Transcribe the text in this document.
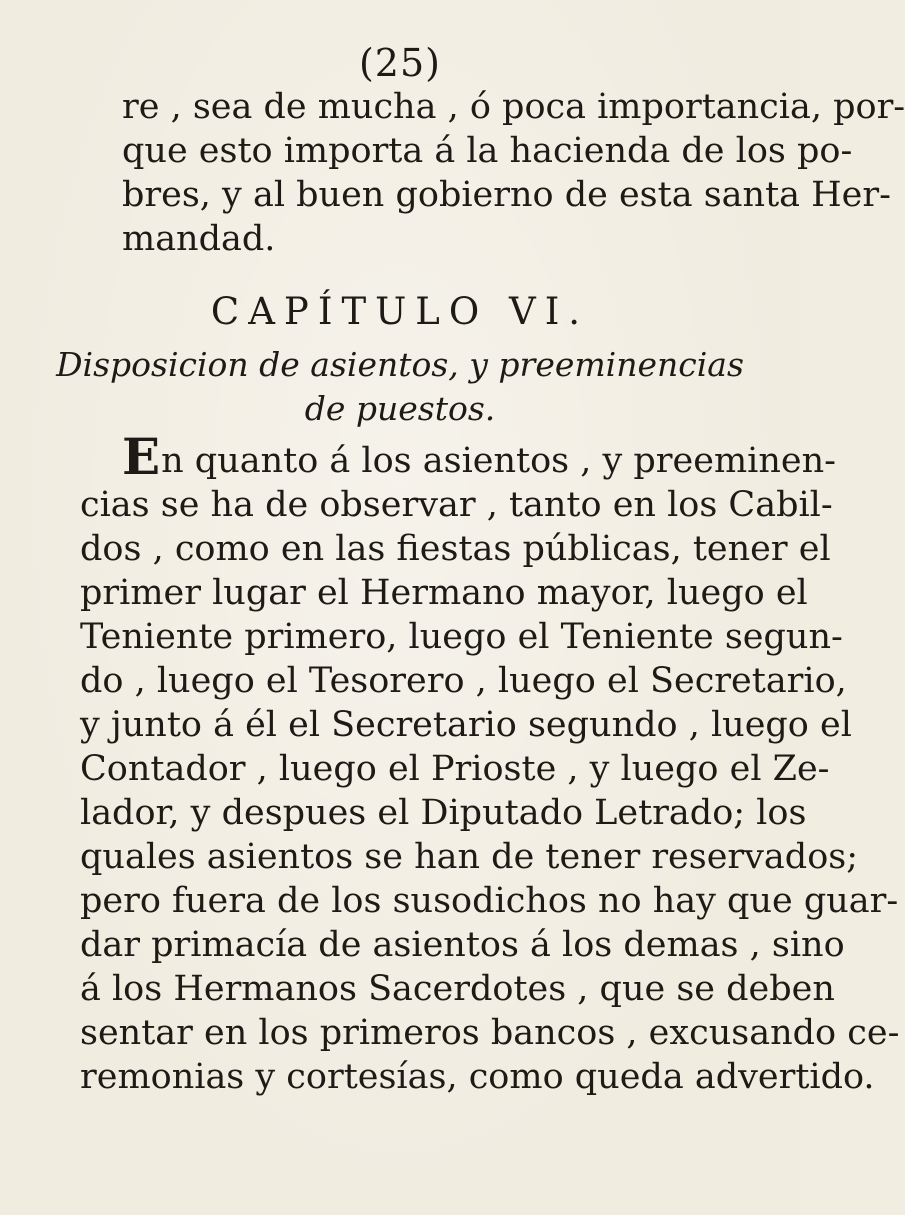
(25)

re , sea de mucha , ó poca importancia, por-
que esto importa á la hacienda de los po-
bres, y al buen gobierno de esta santa Her-
mandad.

CAPÍTULO VI.
Disposicion de asientos, y preeminencias
de puestos.

En quanto á los asientos , y preeminen-
cias se ha de observar , tanto en los Cabil-
dos , como en las fiestas públicas, tener el
primer lugar el Hermano mayor, luego el
Teniente primero, luego el Teniente segun-
do , luego el Tesorero , luego el Secretario,
y junto á él el Secretario segundo , luego el
Contador , luego el Prioste , y luego el Ze-
lador, y despues el Diputado Letrado; los
quales asientos se han de tener reservados;
pero fuera de los susodichos no hay que guar-
dar primacía de asientos á los demas , sino
á los Hermanos Sacerdotes , que se deben
sentar en los primeros bancos , excusando ce-
remonias y cortesías, como queda advertido.
